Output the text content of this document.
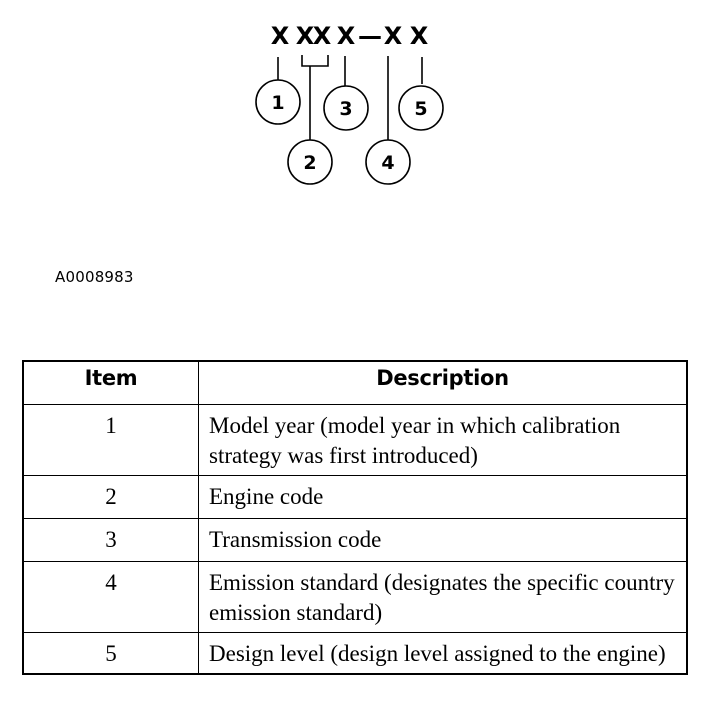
X X
X X — X X
1
2
3
4
5
A0008983
Item	Description
1	Model year (model year in which calibration strategy was first introduced)
2	Engine code
3	Transmission code
4	Emission standard (designates the specific country emission standard)
5	Design level (design level assigned to the engine)
